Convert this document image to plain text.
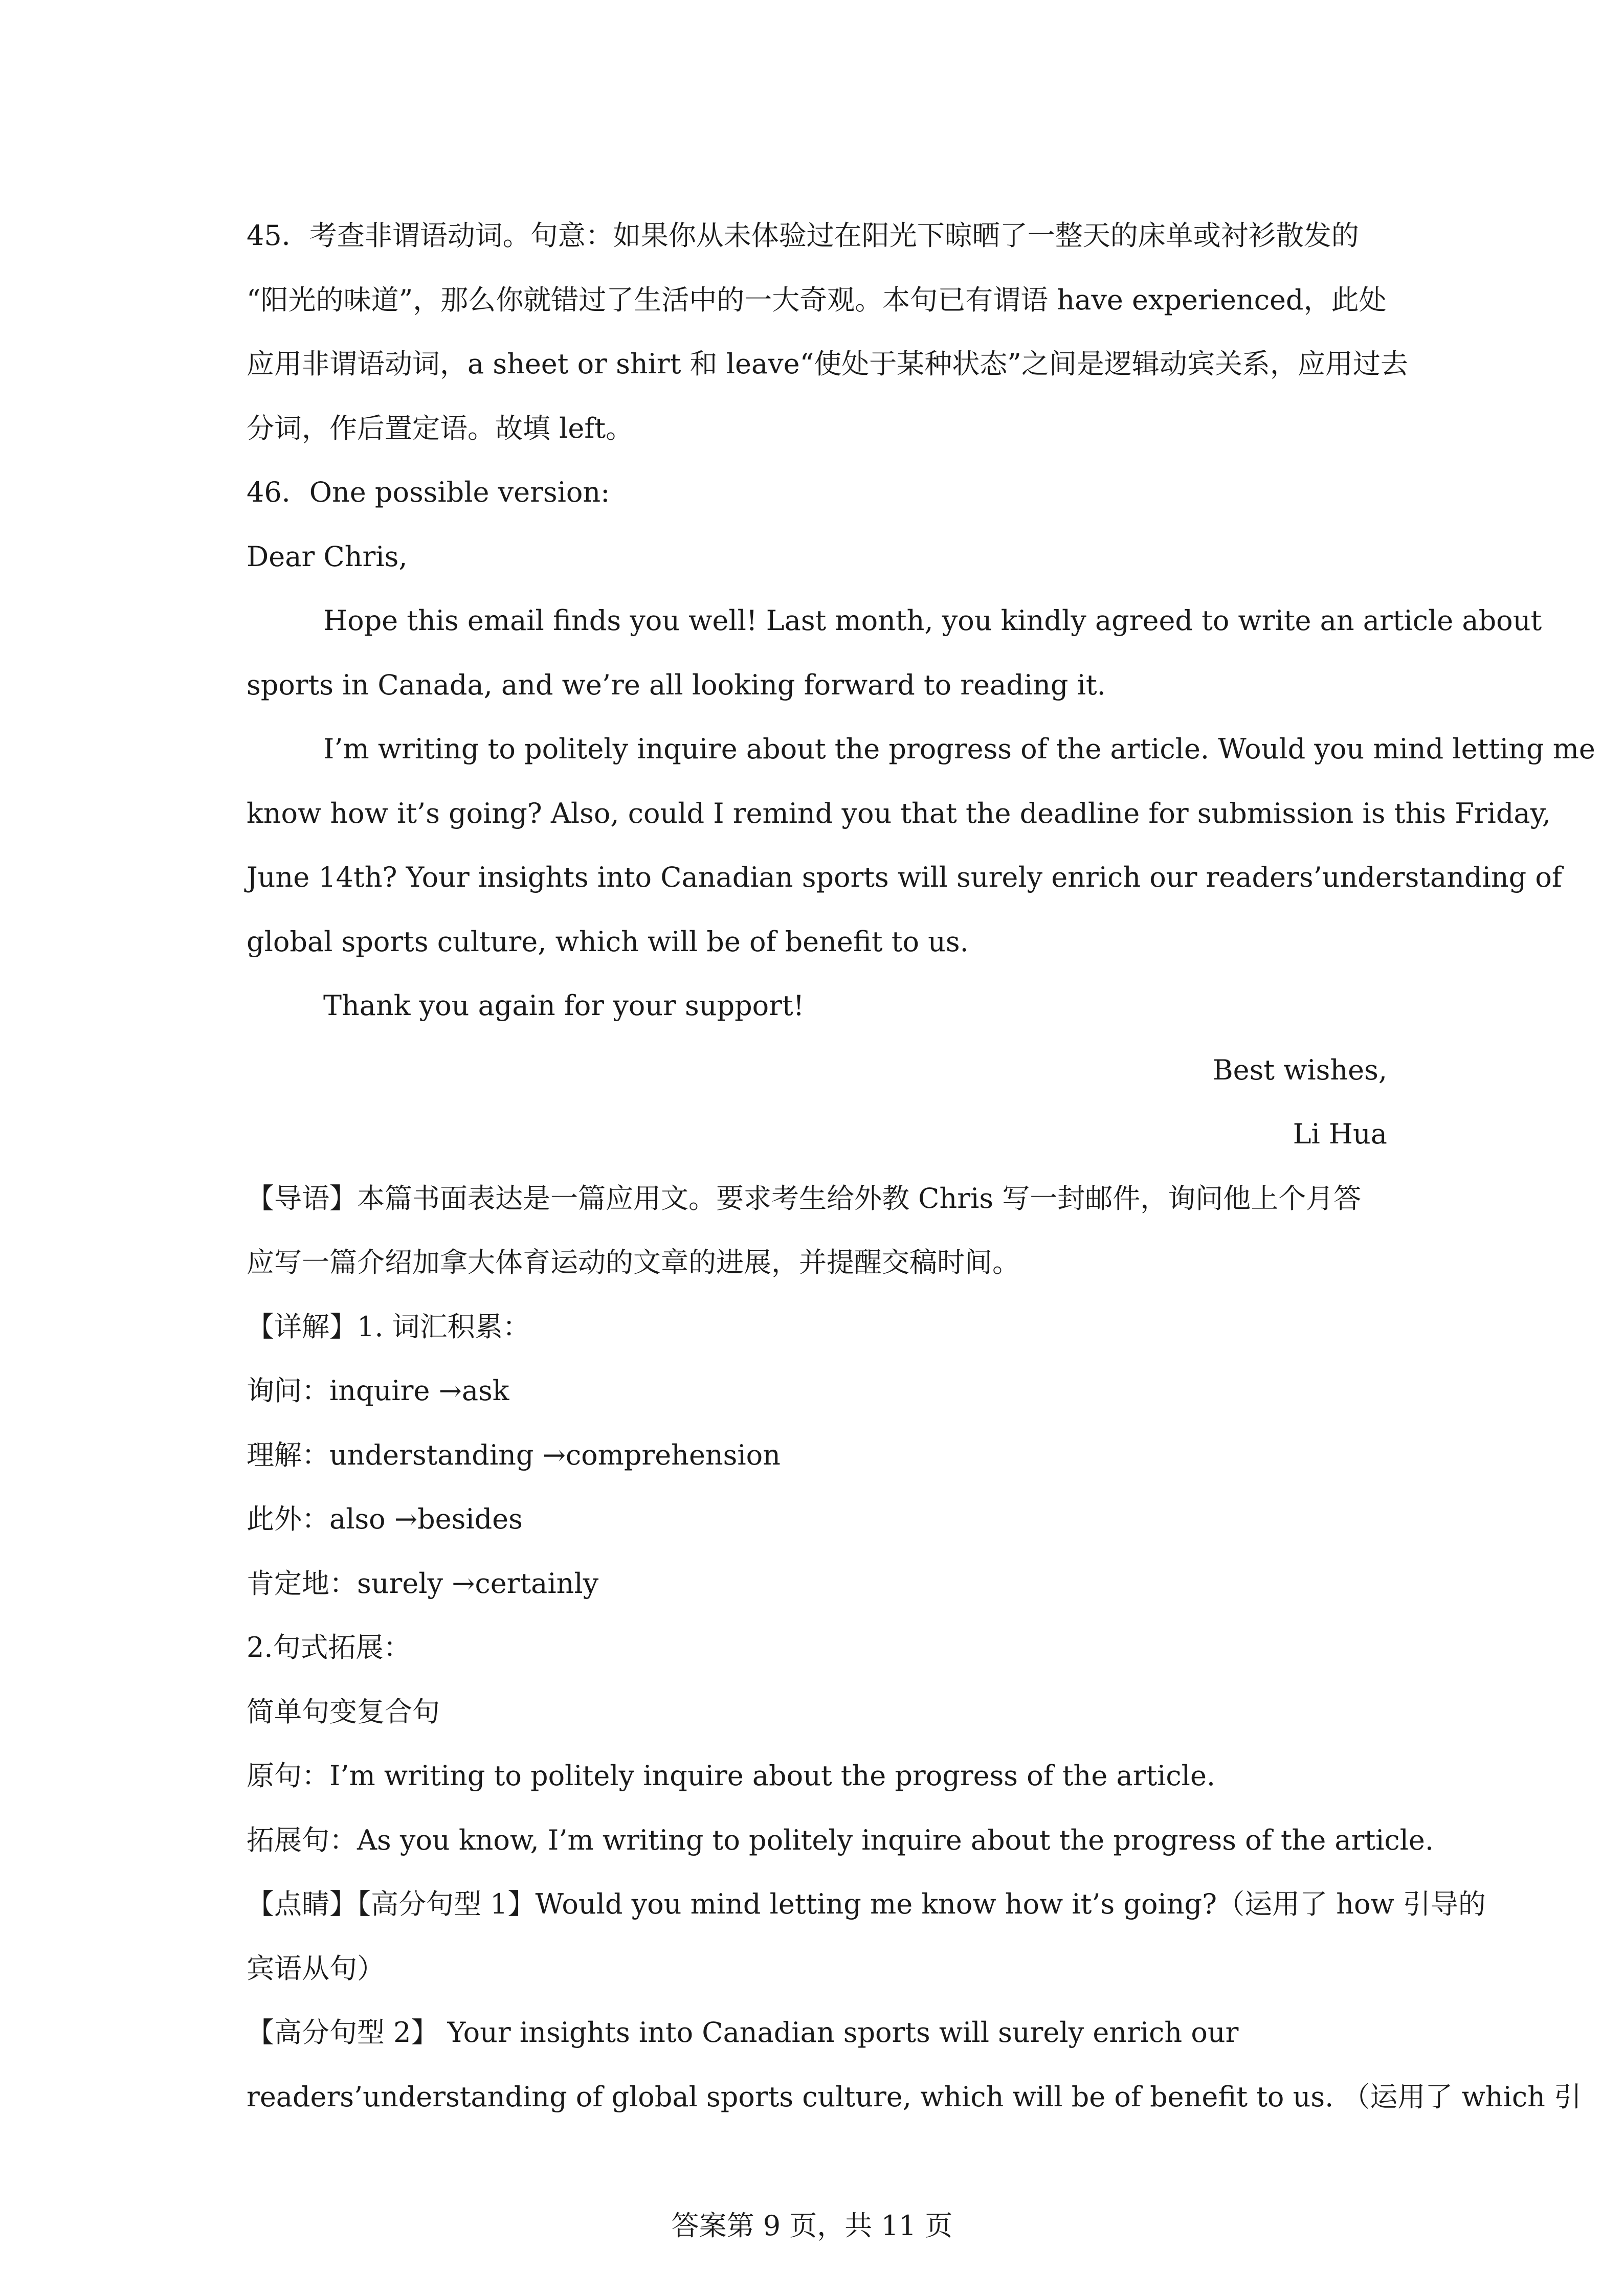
45．考查非谓语动词。句意：如果你从未体验过在阳光下晾晒了一整天的床单或衬衫散发的
“阳光的味道”，那么你就错过了生活中的一大奇观。本句已有谓语 have experienced，此处
应用非谓语动词，a sheet or shirt 和 leave“使处于某种状态”之间是逻辑动宾关系，应用过去
分词，作后置定语。故填 left。
46．One possible version:
Dear Chris,
Hope this email finds you well! Last month, you kindly agreed to write an article about
sports in Canada, and we’re all looking forward to reading it.
I’m writing to politely inquire about the progress of the article. Would you mind letting me
know how it’s going? Also, could I remind you that the deadline for submission is this Friday,
June 14th? Your insights into Canadian sports will surely enrich our readers’understanding of
global sports culture, which will be of benefit to us.
Thank you again for your support!
Best wishes,
Li Hua
【导语】本篇书面表达是一篇应用文。要求考生给外教 Chris 写一封邮件，询问他上个月答
应写一篇介绍加拿大体育运动的文章的进展，并提醒交稿时间。
【详解】1. 词汇积累：
询问：inquire →ask
理解：understanding →comprehension
此外：also →besides
肯定地：surely →certainly
2.句式拓展：
简单句变复合句
原句：I’m writing to politely inquire about the progress of the article.
拓展句：As you know, I’m writing to politely inquire about the progress of the article.
【点睛】【高分句型 1】Would you mind letting me know how it’s going?（运用了 how 引导的
宾语从句）
【高分句型 2】 Your insights into Canadian sports will surely enrich our
readers’understanding of global sports culture, which will be of benefit to us. （运用了 which 引
答案第 9 页，共 11 页
